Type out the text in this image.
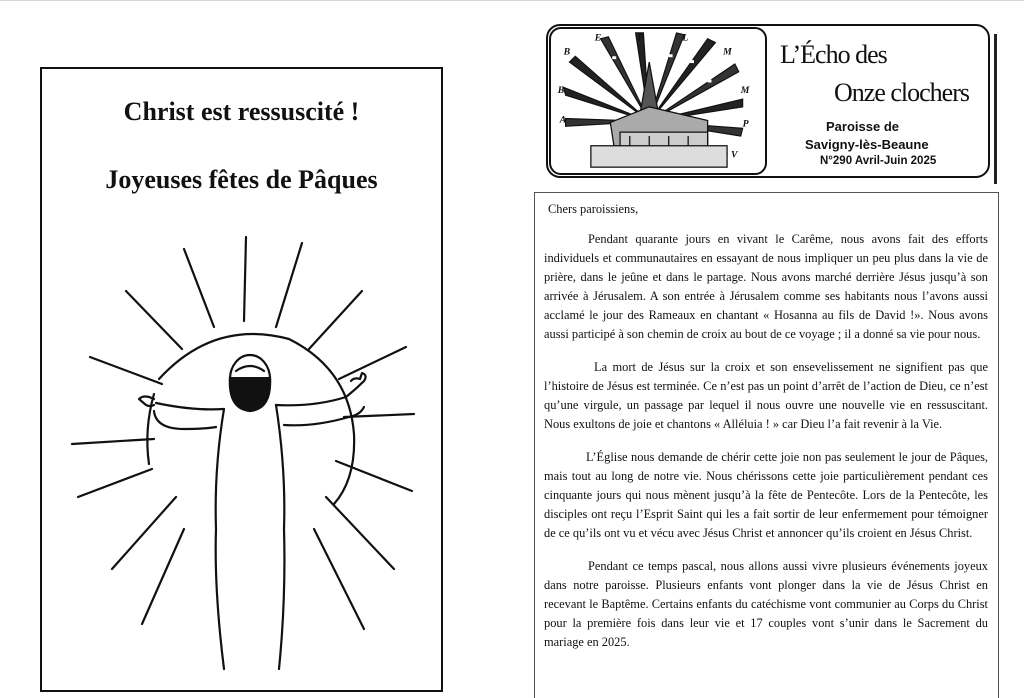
Christ est ressuscité !
Joyeuses fêtes de Pâques
B
E	F	L
M
B	M
A	P
V
L’Écho des
Onze clochers
Paroisse de
Savigny-lès-Beaune
N°290 Avril-Juin 2025

Chers paroissiens,

Pendant quarante jours en vivant le Carême, nous avons fait des efforts individuels et communautaires en essayant de nous impliquer un peu plus dans la vie de prière, dans le jeûne et dans le partage. Nous avons marché derrière Jésus jusqu’à son arrivée à Jérusalem. A son entrée à Jérusalem comme ses habitants nous l’avons aussi acclamé le jour des Rameaux en chantant « Hosanna au fils de David !». Nous avons aussi participé à son chemin de croix au bout de ce voyage ; il a donné sa vie pour nous.

La mort de Jésus sur la croix et son ensevelissement ne signifient pas que l’histoire de Jésus est terminée. Ce n’est pas un point d’arrêt de l’action de Dieu, ce n’est qu’une virgule, un passage par lequel il nous ouvre une nouvelle vie en ressuscitant. Nous exultons de joie et chantons « Alléluia ! » car Dieu l’a fait revenir à la Vie.

L’Église nous demande de chérir cette joie non pas seulement le jour de Pâques, mais tout au long de notre vie. Nous chérissons cette joie particulièrement pendant ces cinquante jours qui nous mènent jusqu’à la fête de Pentecôte. Lors de la Pentecôte, les disciples ont reçu l’Esprit Saint qui les a fait sortir de leur enfermement pour témoigner de ce qu’ils ont vu et vécu avec Jésus Christ et annoncer qu’ils croient en Jésus Christ.

Pendant ce temps pascal, nous allons aussi vivre plusieurs événements joyeux dans notre paroisse. Plusieurs enfants vont plonger dans la vie de Jésus Christ en recevant le Baptême. Certains enfants du catéchisme vont communier au Corps du Christ pour la première fois dans leur vie et 17 couples vont s’unir dans le Sacrement du mariage en 2025.
